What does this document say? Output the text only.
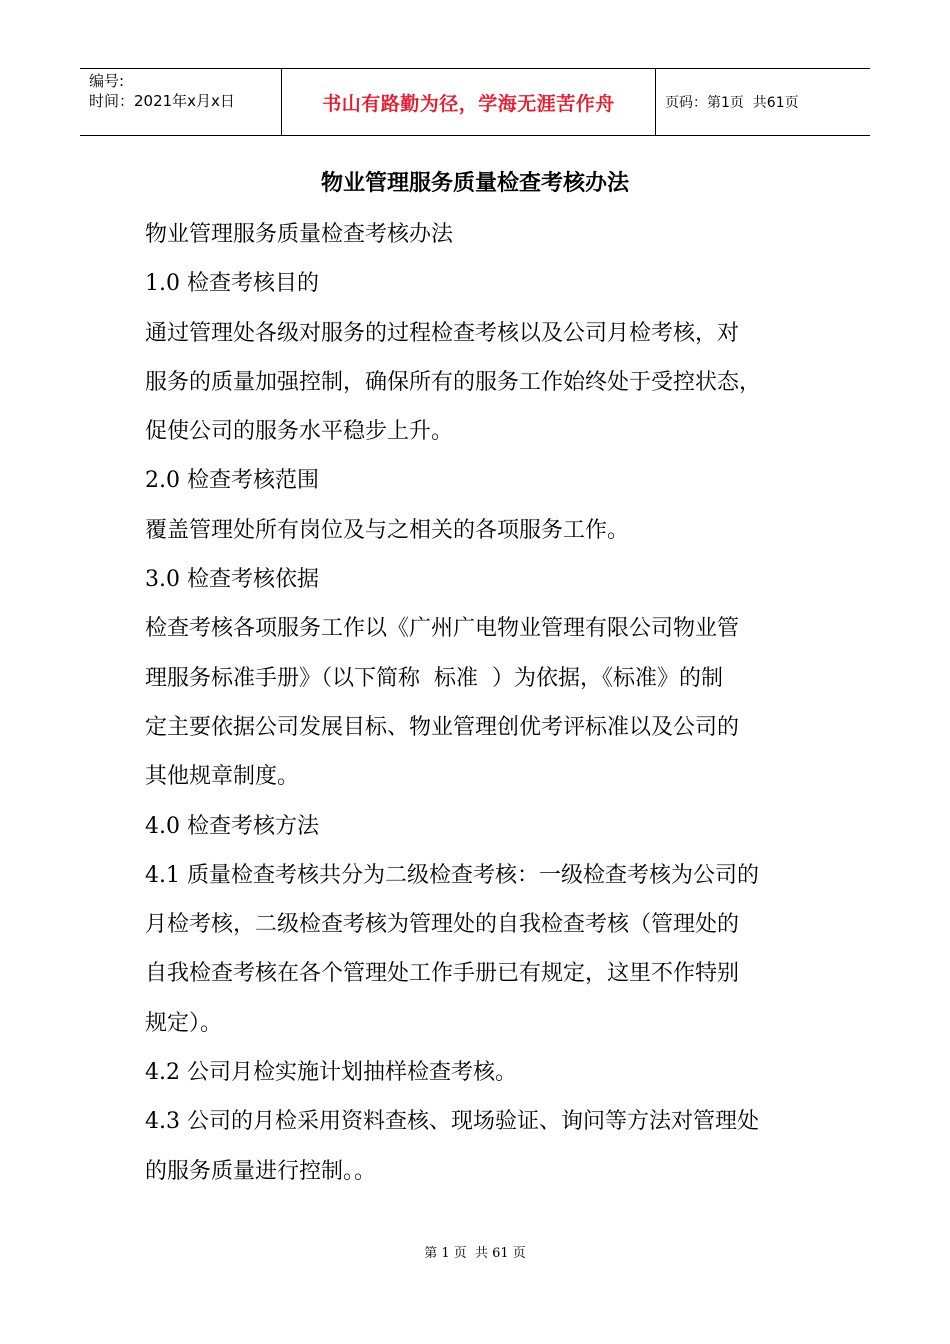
编号:
时间：2021年x月x日	书山有路勤为径，学海无涯苦作舟	页码：第1页  共61页
物业管理服务质量检查考核办法

物业管理服务质量检查考核办法

1.0 检查考核目的

通过管理处各级对服务的过程检查考核以及公司月检考核，对

服务的质量加强控制，确保所有的服务工作始终处于受控状态，

促使公司的服务水平稳步上升。

2.0 检查考核范围

覆盖管理处所有岗位及与之相关的各项服务工作。

3.0 检查考核依据

检查考核各项服务工作以《广州广电物业管理有限公司物业管

理服务标准手册》（以下简称  标准  ）为依据，《标准》的制

定主要依据公司发展目标、物业管理创优考评标准以及公司的

其他规章制度。

4.0 检查考核方法

4.1 质量检查考核共分为二级检查考核：一级检查考核为公司的

月检考核，二级检查考核为管理处的自我检查考核（管理处的

自我检查考核在各个管理处工作手册已有规定，这里不作特别

规定）。

4.2 公司月检实施计划抽样检查考核。

4.3 公司的月检采用资料查核、现场验证、询问等方法对管理处

的服务质量进行控制。。

第 1 页  共 61 页
